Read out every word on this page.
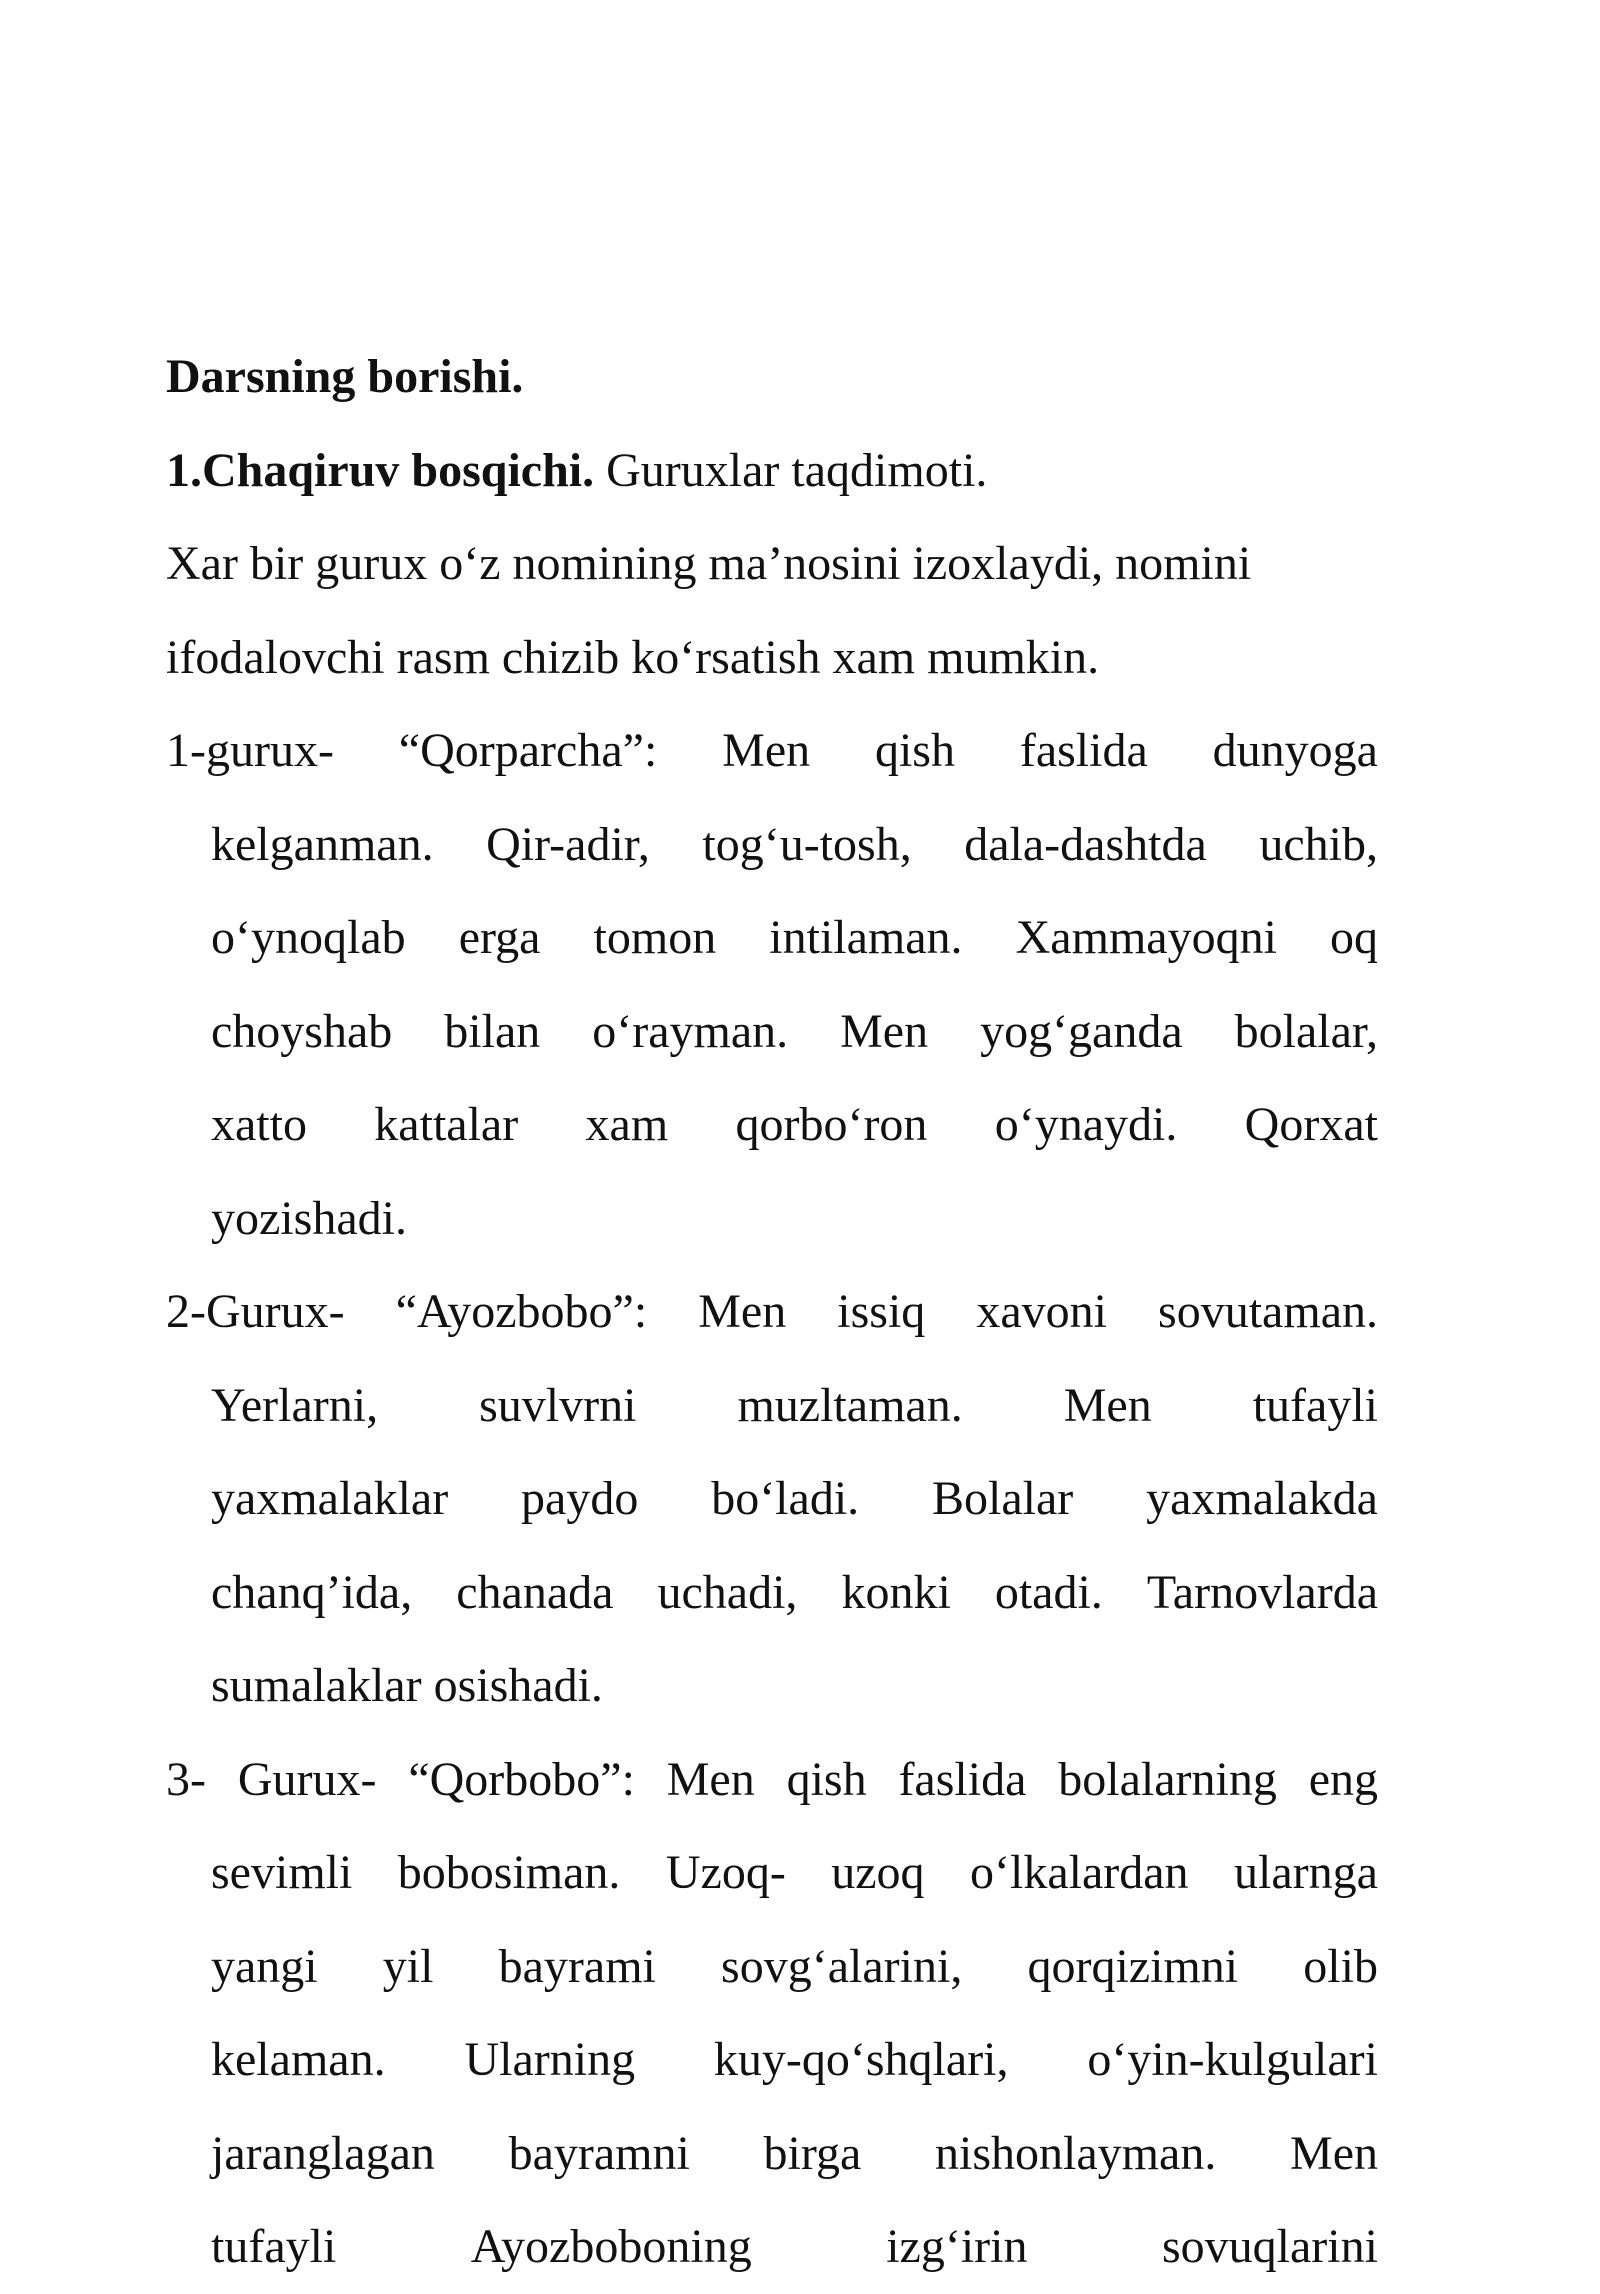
Darsning borishi.
1.Chaqiruv bosqichi. Guruxlar taqdimoti.
Xar bir gurux o‘z nomining ma’nosini izoxlaydi, nomini
ifodalovchi rasm chizib ko‘rsatish xam mumkin.
1-gurux- “Qorparcha”: Men qish faslida dunyoga
kelganman. Qir-adir, tog‘u-tosh, dala-dashtda uchib,
o‘ynoqlab erga tomon intilaman. Xammayoqni oq
choyshab bilan o‘rayman. Men yog‘ganda bolalar,
xatto kattalar xam qorbo‘ron o‘ynaydi. Qorxat
yozishadi.
2-Gurux- “Ayozbobo”: Men issiq xavoni sovutaman.
Yerlarni, suvlvrni muzltaman. Men tufayli
yaxmalaklar paydo bo‘ladi. Bolalar yaxmalakda
chanq’ida, chanada uchadi, konki otadi. Tarnovlarda
sumalaklar osishadi.
3- Gurux- “Qorbobo”: Men qish faslida bolalarning eng
sevimli bobosiman. Uzoq- uzoq o‘lkalardan ularnga
yangi yil bayrami sovg‘alarini, qorqizimni olib
kelaman. Ularning kuy-qo‘shqlari, o‘yin-kulgulari
jaranglagan bayramni birga nishonlayman. Men
tufayli	Ayozboboning	izg‘irin	sovuqlarini
